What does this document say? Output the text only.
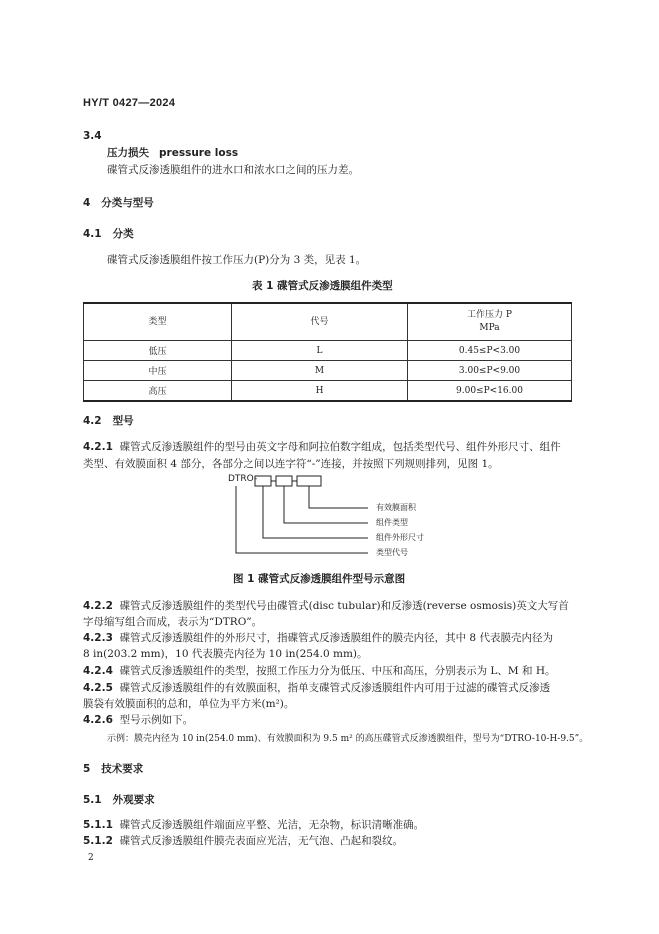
HY/T 0427—2024
3.4
压力损失 pressure loss
碟管式反渗透膜组件的进水口和浓水口之间的压力差。
4 分类与型号
4.1 分类
碟管式反渗透膜组件按工作压力(P)分为 3 类，见表 1。
表 1 碟管式反渗透膜组件类型
类型	代号	工作压力 P
MPa

低压	L	0.45≤P<3.00
中压	M	3.00≤P<9.00
高压	H	9.00≤P<16.00
4.2 型号
4.2.1 碟管式反渗透膜组件的型号由英文字母和阿拉伯数字组成，包括类型代号、组件外形尺寸、组件
类型、有效膜面积 4 部分，各部分之间以连字符“-”连接，并按照下列规则排列，见图 1。
DTRO-
有效膜面积
组件类型
组件外形尺寸
类型代号
图 1 碟管式反渗透膜组件型号示意图
4.2.2 碟管式反渗透膜组件的类型代号由碟管式(disc tubular)和反渗透(reverse osmosis)英文大写首
字母缩写组合而成，表示为“DTRO”。
4.2.3 碟管式反渗透膜组件的外形尺寸，指碟管式反渗透膜组件的膜壳内径，其中 8 代表膜壳内径为
8 in(203.2 mm)，10 代表膜壳内径为 10 in(254.0 mm)。
4.2.4 碟管式反渗透膜组件的类型，按照工作压力分为低压、中压和高压，分别表示为 L、M 和 H。
4.2.5 碟管式反渗透膜组件的有效膜面积，指单支碟管式反渗透膜组件内可用于过滤的碟管式反渗透
膜袋有效膜面积的总和，单位为平方米(m²)。
4.2.6 型号示例如下。
示例：膜壳内径为 10 in(254.0 mm)、有效膜面积为 9.5 m² 的高压碟管式反渗透膜组件，型号为“DTRO-10-H-9.5”。
5 技术要求
5.1 外观要求
5.1.1 碟管式反渗透膜组件端面应平整、光洁，无杂物，标识清晰准确。
5.1.2 碟管式反渗透膜组件膜壳表面应光洁，无气泡、凸起和裂纹。
2
